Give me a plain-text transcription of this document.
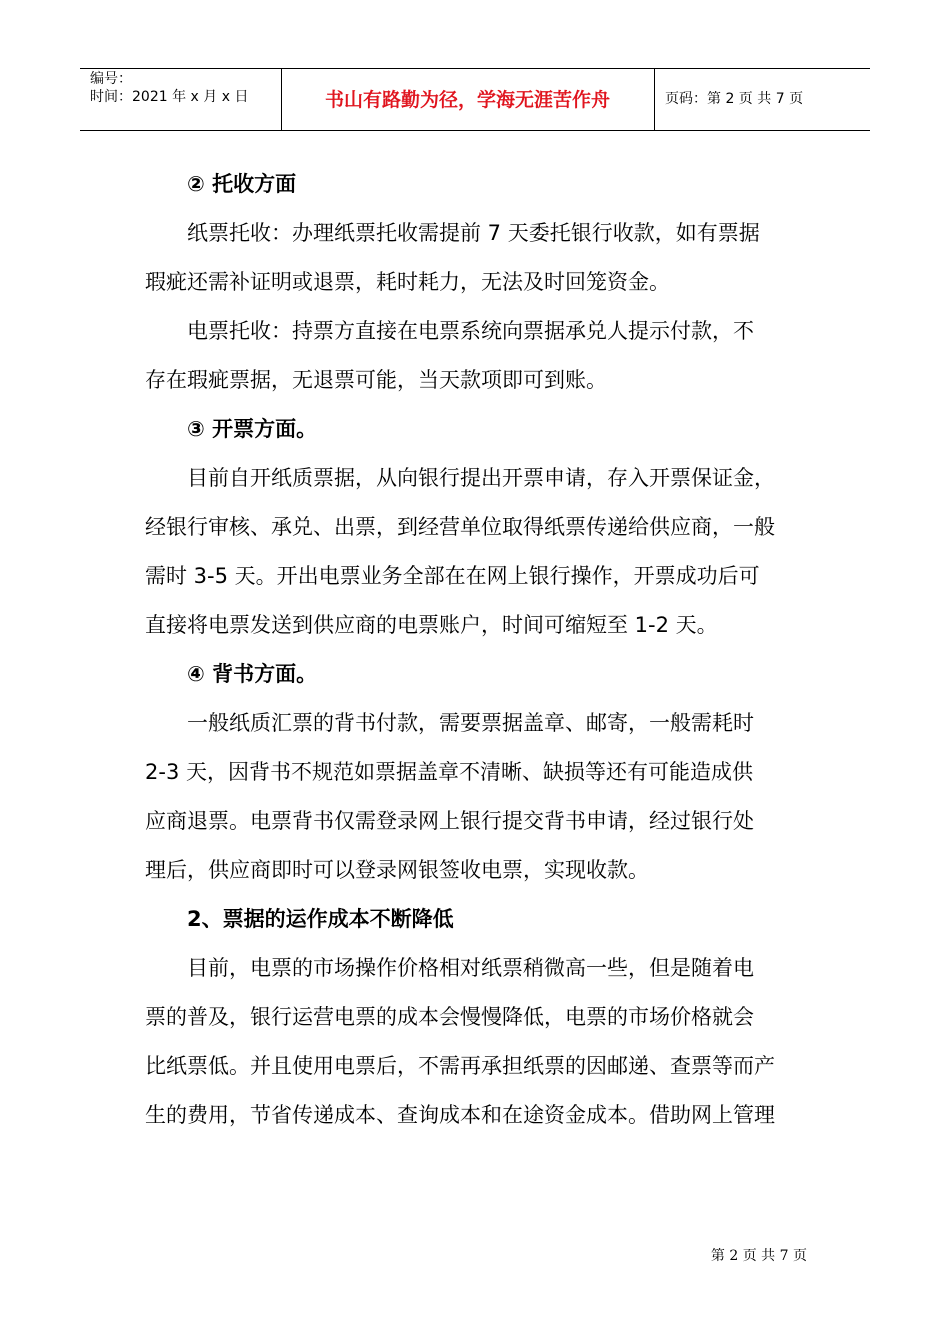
编号：
时间：2021 年 x 月 x 日	书山有路勤为径，学海无涯苦作舟	页码：第 2 页 共 7 页
② 托收方面
纸票托收：办理纸票托收需提前 7 天委托银行收款，如有票据
瑕疵还需补证明或退票，耗时耗力，无法及时回笼资金。
电票托收：持票方直接在电票系统向票据承兑人提示付款，不
存在瑕疵票据，无退票可能，当天款项即可到账。
③ 开票方面。
目前自开纸质票据，从向银行提出开票申请，存入开票保证金，
经银行审核、承兑、出票，到经营单位取得纸票传递给供应商，一般
需时 3-5 天。开出电票业务全部在在网上银行操作，开票成功后可
直接将电票发送到供应商的电票账户，时间可缩短至 1-2 天。
④ 背书方面。
一般纸质汇票的背书付款，需要票据盖章、邮寄，一般需耗时
2-3 天，因背书不规范如票据盖章不清晰、缺损等还有可能造成供
应商退票。电票背书仅需登录网上银行提交背书申请，经过银行处
理后，供应商即时可以登录网银签收电票，实现收款。
2、票据的运作成本不断降低
目前，电票的市场操作价格相对纸票稍微高一些，但是随着电
票的普及，银行运营电票的成本会慢慢降低，电票的市场价格就会
比纸票低。并且使用电票后，不需再承担纸票的因邮递、查票等而产
生的费用，节省传递成本、查询成本和在途资金成本。借助网上管理
第 2 页 共 7 页
